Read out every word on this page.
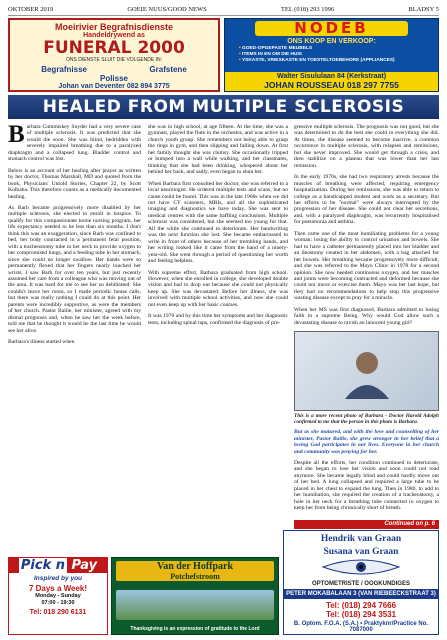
OKTOBER 2019	GOEIE NUUS/GOOD NEWS	TEL (018) 293 1996	BLADSY 5
Moeirivier Begrafnisdienste
Handeldrywend as
FUNERAL 2000
ONS DIENSTE SLUIT DIE VOLGENDE IN:
Begrafnisse	Grafstene
Polisse
Johan van Deventer 082 894 3775
NODEB
ONS KOOP EN VERKOOP:
• GOED-OPGEPASTE MEUBELS
• ITEMS IN EN OM DIE HUIS
• YSKASTE, VRIESKASTE EN TOESTELTOEBEHORE (APPLIANCES)
Walter Sisululaan 84 (Kerkstraat)
JOHAN ROUSSEAU 018 297 7755
HEALED FROM MULTIPLE SCLEROSIS

Barbara Cummiskey Snyder had a very severe case of multiple sclerosis. It was predicted that she would die soon. She was blind, bedridden with severely impaired breathing due to a paralyzed diaphragm and a collapsed lung. Bladder control and stomach control was lost.

Below is an account of her healing after prayer as written by her doctor, Thomas Marshall, MD and quoted from the book, Physicians' Untold Stories, Chapter 22, by Scott Kolbaba. This therefore counts as a medically documented healing.

As Barb became progressively more disabled by her multiple sclerosis, she elected to enroll in hospice. To qualify for this compassionate home nursing program, her life expectancy needed to be less than six months. I don't think this was an exaggeration, since Barb was confined to bed, her body contracted in a permanent fetal position, with a tracheostomy tube in her neck to provide oxygen to her compromised lungs, and a feeding tube in her stomach, since she could no longer swallow. Her hands were so permanently flexed that her fingers nearly touched her wrists. I saw Barb for over ten years, but just recently assumed her care from a colleague who was moving out of the area. It was hard for me to see her so debilitated. She couldn't leave her room, so I made periodic house calls, but there was really nothing I could do at this point. Her parents were incredibly supportive, as were the members of her church. Pastor Bailie, her minister, agreed with my dismal prognosis and, when he saw her the week before, told me that he thought it would be the last time he would see her alive.

Barbara's illness started when

she was in high school, at age fifteen. At the time, she was a gymnast, played the flute in the orchestra, and was active in a church youth group. She remembers not being able to grasp the rings in gym, and then slipping and falling down. At first her family thought she was clumsy. She occasionally tripped or bumped into a wall while walking, and her classmates, thinking that she had been drinking, whispered about her behind her back, and sadly, even began to shun her.

When Barbara first consulted her doctor, she was referred to a local neurologist. He ordered multiple tests and scans, but no cause could be found. This was in the late 1960s when we did not have CT scanners, MRIs, and all the sophisticated imaging and diagnostics we have today. She was sent to medical centres with the same baffling conclusions. Multiple sclerosis was considered, but she seemed too young for that. All the while she continued to deteriorate. Her handwriting was the next function she lost. She became embarrassed to write in front of others because of her trembling hands, and her writing looked like it came from the hand of a ninety-year-old. She went through a period of questioning her worth and feeling helpless.

With supreme effort, Barbara graduated from high school. However, when she enrolled in college, she developed double vision and had to drop out because she could not physically keep up. She was devastated. Before her illness, she was involved with multiple school activities, and now she could not even keep up with her basic courses.

It was 1970 and by this time her symptoms and her diagnostic tests, including spinal taps, confirmed the diagnosis of pro-

gressive multiple sclerosis. The prognosis was not good, but she was determined to do the best she could in everything she did. At times, the disease seemed to become inactive, a common occurrence in multiple sclerosis, with relapses and remissions, but she never improved. She would get through a crisis, and then stabilize on a plateau that was lower than her last remission.

In the early 1970s, she had two respiratory arrests because the muscles of breathing were affected, requiring emergency hospitalization. During her remissions, she was able to return to college as a handicapped student and work as a secretary. But her efforts to be "normal" were always interrupted by the progression of her disease. She could not clear her secretions, and, with a paralyzed diaphragm, was recurrently hospitalised for pneumonia and asthma.

Then came one of the most humiliating problems for a young woman: losing the ability to control urination and bowels. She had to have a catheter permanently placed into her bladder and an ileostomy created in her abdomen, with a bag attached for her bowels. Her breathing became progressively more difficult, and she was referred to the Mayo Clinic in 1978 for a second opinion. She now needed continuous oxygen, and her muscles and joints were becoming contracted and deformed because she could not move or exercise them. Mayo was her last hope, but they had no recommendations to help stop this progressive wasting disease except to pray for a miracle.

When her MS was first diagnosed, Barbara admitted to losing faith in a supreme Being. Why would God allow such a devastating disease to ravish an innocent young girl?

This is a more recent photo of Barbara - Doctor Harold Adolph confirmed to me that the person in this photo is Barbara.

But as she matured, and with the love and counselling of her minister, Pastor Bailie, she grew stronger in her belief that a loving God participates in our lives. Everyone in her church and community was praying for her.

Despite all the efforts, her condition continued to deteriorate, and she began to lose her vision and soon could not read anymore. She became legally blind and could hardly move out of her bed. A lung collapsed and required a large tube to be placed in her chest to expand the lung. Then in 1980, to add to her humiliation, she required the creation of a tracheostomy, a hole in her neck for a breathing tube connected to oxygen to keep her from being chronically short of breath.

Pick n Pay
Inspired by you
7 Days a Week!
Monday - Sunday
07:00 - 19:30
Tel: 018 290 6131
Van der Hoffpark
Potchefstroom
Thanksgiving is an expression of gratitude to the Lord
Hendrik van Graan
Susana van Graan
OPTOMETRISTE / OOGKUNDIGES
PETER MOKABALAAN 3 (VAN RIEBEECKSTRAAT 3)
Tel: (018) 294 7666
Tel: (018) 294 3531
B. Optom. F.O.A. (S.A.) • Praktyknr/Practice No. 7087000
Continued on p. 6
